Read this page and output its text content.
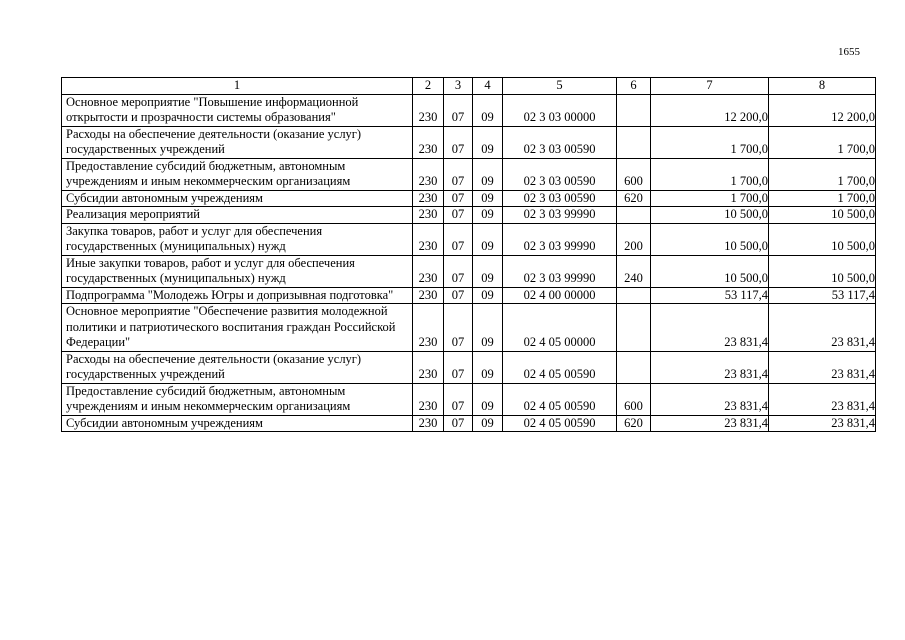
1655
1	2	3	4	5	6	7	8
Основное мероприятие "Повышение информационной открытости и прозрачности системы образования"	230	07	09	02 3 03 00000		12 200,0	12 200,0
Расходы на обеспечение деятельности (оказание услуг) государственных учреждений	230	07	09	02 3 03 00590		1 700,0	1 700,0
Предоставление субсидий бюджетным, автономным учреждениям и иным некоммерческим организациям	230	07	09	02 3 03 00590	600	1 700,0	1 700,0
Субсидии автономным учреждениям	230	07	09	02 3 03 00590	620	1 700,0	1 700,0
Реализация мероприятий	230	07	09	02 3 03 99990		10 500,0	10 500,0
Закупка товаров, работ и услуг для обеспечения государственных (муниципальных) нужд	230	07	09	02 3 03 99990	200	10 500,0	10 500,0
Иные закупки товаров, работ и услуг для обеспечения государственных (муниципальных) нужд	230	07	09	02 3 03 99990	240	10 500,0	10 500,0
Подпрограмма "Молодежь Югры и допризывная подготовка"	230	07	09	02 4 00 00000		53 117,4	53 117,4
Основное мероприятие "Обеспечение развития молодежной политики и патриотического воспитания граждан Российской Федерации"	230	07	09	02 4 05 00000		23 831,4	23 831,4
Расходы на обеспечение деятельности (оказание услуг) государственных учреждений	230	07	09	02 4 05 00590		23 831,4	23 831,4
Предоставление субсидий бюджетным, автономным учреждениям и иным некоммерческим организациям	230	07	09	02 4 05 00590	600	23 831,4	23 831,4
Субсидии автономным учреждениям	230	07	09	02 4 05 00590	620	23 831,4	23 831,4
